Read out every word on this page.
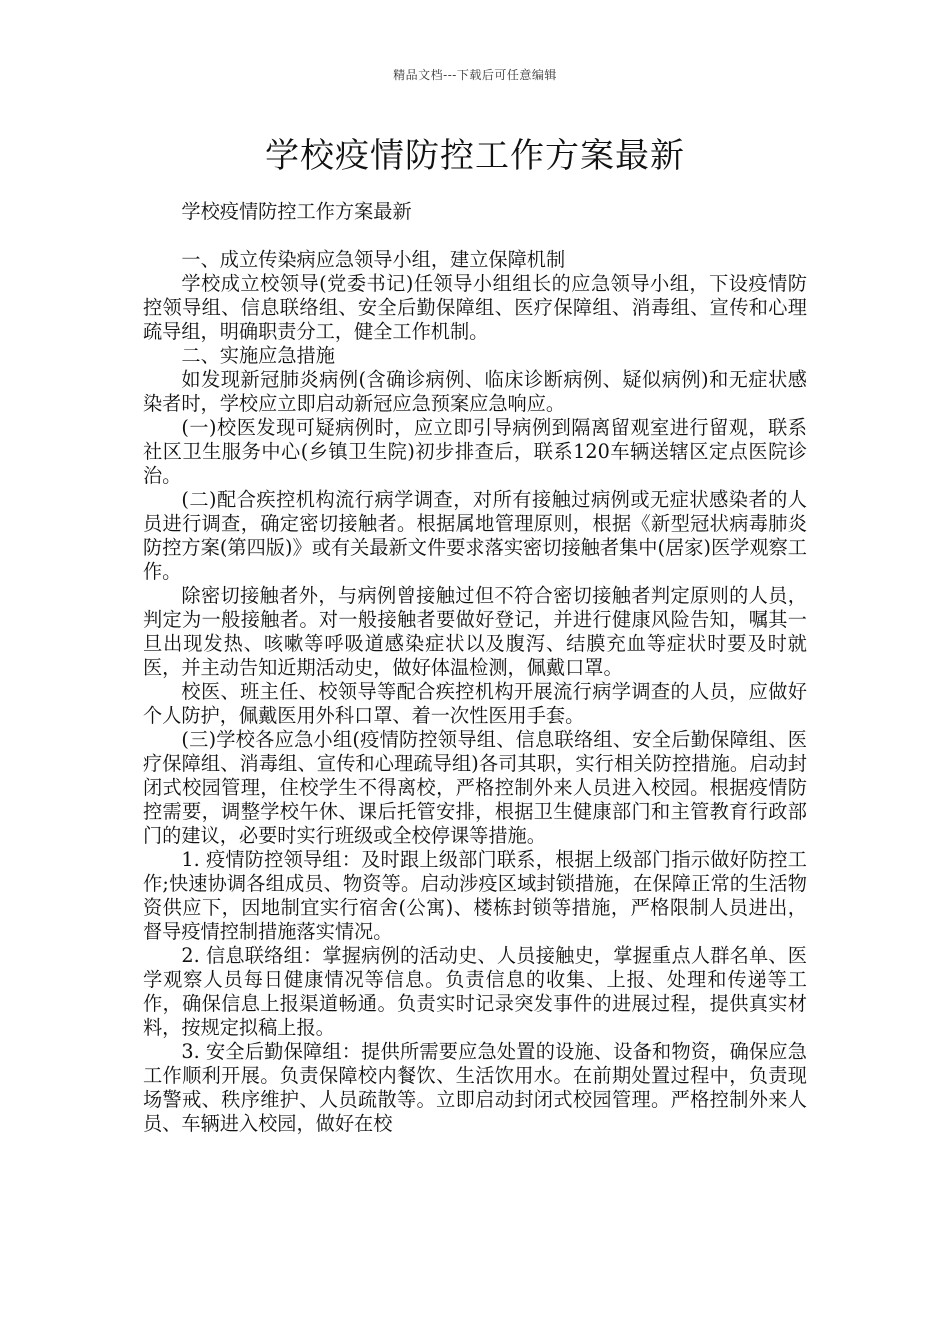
精品文档---下载后可任意编辑
学校疫情防控工作方案最新

学校疫情防控工作方案最新

一、成立传染病应急领导小组，建立保障机制

学校成立校领导(党委书记)任领导小组组长的应急领导小组，下设疫情防控领导组、信息联络组、安全后勤保障组、医疗保障组、消毒组、宣传和心理疏导组，明确职责分工，健全工作机制。

二、实施应急措施

如发现新冠肺炎病例(含确诊病例、临床诊断病例、疑似病例)和无症状感染者时，学校应立即启动新冠应急预案应急响应。

(一)校医发现可疑病例时，应立即引导病例到隔离留观室进行留观，联系社区卫生服务中心(乡镇卫生院)初步排查后，联系120车辆送辖区定点医院诊治。

(二)配合疾控机构流行病学调查，对所有接触过病例或无症状感染者的人员进行调查，确定密切接触者。根据属地管理原则，根据《新型冠状病毒肺炎防控方案(第四版)》或有关最新文件要求落实密切接触者集中(居家)医学观察工作。

除密切接触者外，与病例曾接触过但不符合密切接触者判定原则的人员，判定为一般接触者。对一般接触者要做好登记，并进行健康风险告知，嘱其一旦出现发热、咳嗽等呼吸道感染症状以及腹泻、结膜充血等症状时要及时就医，并主动告知近期活动史，做好体温检测，佩戴口罩。

校医、班主任、校领导等配合疾控机构开展流行病学调查的人员，应做好个人防护，佩戴医用外科口罩、着一次性医用手套。

(三)学校各应急小组(疫情防控领导组、信息联络组、安全后勤保障组、医疗保障组、消毒组、宣传和心理疏导组)各司其职，实行相关防控措施。启动封闭式校园管理，住校学生不得离校，严格控制外来人员进入校园。根据疫情防控需要，调整学校午休、课后托管安排，根据卫生健康部门和主管教育行政部门的建议，必要时实行班级或全校停课等措施。

1. 疫情防控领导组：及时跟上级部门联系，根据上级部门指示做好防控工作;快速协调各组成员、物资等。启动涉疫区域封锁措施，在保障正常的生活物资供应下，因地制宜实行宿舍(公寓)、楼栋封锁等措施，严格限制人员进出，督导疫情控制措施落实情况。

2. 信息联络组：掌握病例的活动史、人员接触史，掌握重点人群名单、医学观察人员每日健康情况等信息。负责信息的收集、上报、处理和传递等工作，确保信息上报渠道畅通。负责实时记录突发事件的进展过程，提供真实材料，按规定拟稿上报。

3. 安全后勤保障组：提供所需要应急处置的设施、设备和物资，确保应急工作顺利开展。负责保障校内餐饮、生活饮用水。在前期处置过程中，负责现场警戒、秩序维护、人员疏散等。立即启动封闭式校园管理。严格控制外来人员、车辆进入校园，做好在校
